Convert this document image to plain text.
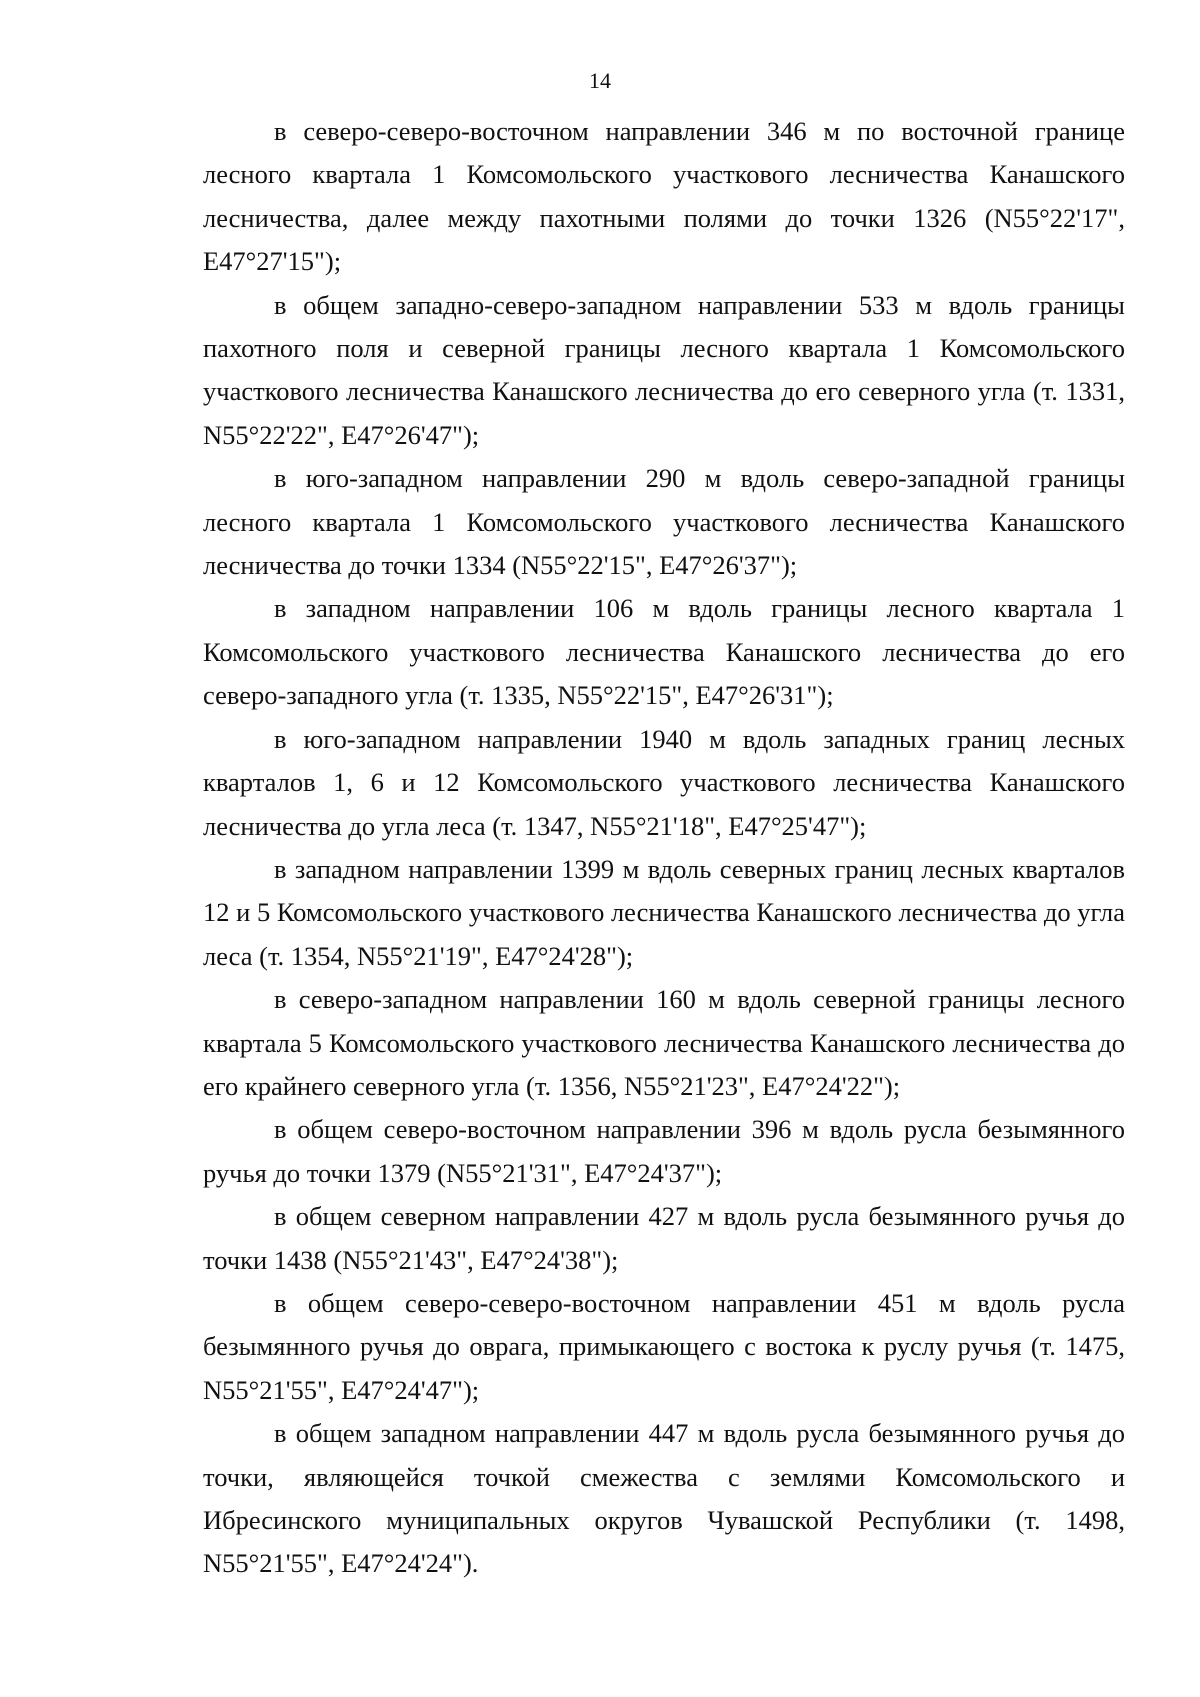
14

в северо-северо-восточном направлении 346 м по восточной границе лесного квартала 1 Комсомольского участкового лесничества Канашского лесничества, далее между пахотными полями до точки 1326 (N55°22'17", E47°27'15");

в общем западно-северо-западном направлении 533 м вдоль границы пахотного поля и северной границы лесного квартала 1 Комсомольского участкового лесничества Канашского лесничества до его северного угла (т. 1331, N55°22'22", E47°26'47");

в юго-западном направлении 290 м вдоль северо-западной границы лесного квартала 1 Комсомольского участкового лесничества Канашского лесничества до точки 1334 (N55°22'15", E47°26'37");

в западном направлении 106 м вдоль границы лесного квартала 1 Комсомольского участкового лесничества Канашского лесничества до его северо-западного угла (т. 1335, N55°22'15", E47°26'31");

в юго-западном направлении 1940 м вдоль западных границ лесных кварталов 1, 6 и 12 Комсомольского участкового лесничества Канашского лесничества до угла леса (т. 1347, N55°21'18", E47°25'47");

в западном направлении 1399 м вдоль северных границ лесных кварталов 12 и 5 Комсомольского участкового лесничества Канашского лесничества до угла леса (т. 1354, N55°21'19", E47°24'28");

в северо-западном направлении 160 м вдоль северной границы лесного квартала 5 Комсомольского участкового лесничества Канашского лесничества до его крайнего северного угла (т. 1356, N55°21'23", E47°24'22");

в общем северо-восточном направлении 396 м вдоль русла безымянного ручья до точки 1379 (N55°21'31", E47°24'37");

в общем северном направлении 427 м вдоль русла безымянного ручья до точки 1438 (N55°21'43", E47°24'38");

в общем северо-северо-восточном направлении 451 м вдоль русла безымянного ручья до оврага, примыкающего с востока к руслу ручья (т. 1475, N55°21'55", E47°24'47");

в общем западном направлении 447 м вдоль русла безымянного ручья до точки, являющейся точкой смежества с землями Комсомольского и Ибресинского муниципальных округов Чувашской Республики (т. 1498, N55°21'55", E47°24'24").
